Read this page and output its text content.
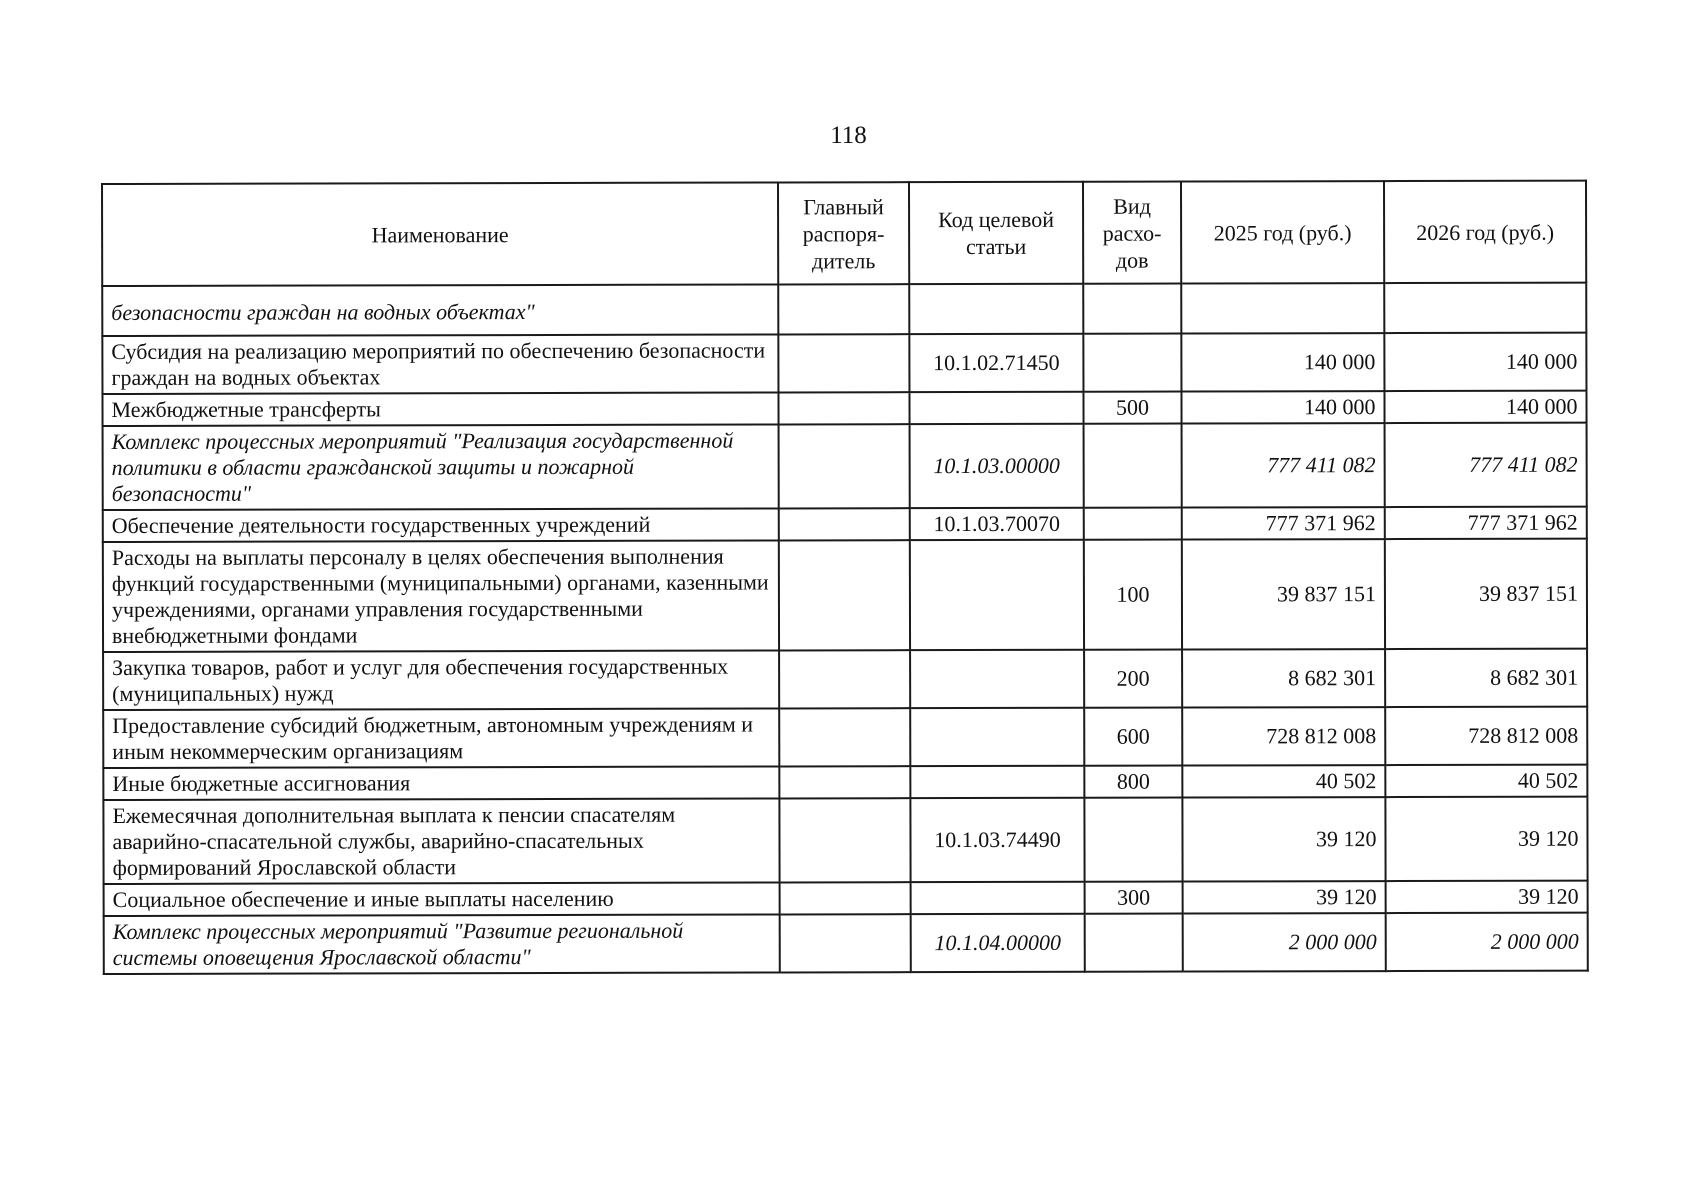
118
Наименование	Главный распоря-дитель	Код целевой статьи	Вид расхо-дов	2025 год (руб.)	2026 год (руб.)
безопасности граждан на водных объектах"					
Субсидия на реализацию мероприятий по обеспечению безопасности граждан на водных объектах		10.1.02.71450		140 000	140 000
Межбюджетные трансферты			500	140 000	140 000
Комплекс процессных мероприятий "Реализация государственной политики в области гражданской защиты и пожарной безопасности"		10.1.03.00000		777 411 082	777 411 082
Обеспечение деятельности государственных учреждений		10.1.03.70070		777 371 962	777 371 962
Расходы на выплаты персоналу в целях обеспечения выполнения функций государственными (муниципальными) органами, казенными учреждениями, органами управления государственными внебюджетными фондами			100	39 837 151	39 837 151
Закупка товаров, работ и услуг для обеспечения государственных (муниципальных) нужд			200	8 682 301	8 682 301
Предоставление субсидий бюджетным, автономным учреждениям и иным некоммерческим организациям			600	728 812 008	728 812 008
Иные бюджетные ассигнования			800	40 502	40 502
Ежемесячная дополнительная выплата к пенсии спасателям аварийно-спасательной службы, аварийно-спасательных формирований Ярославской области		10.1.03.74490		39 120	39 120
Социальное обеспечение и иные выплаты населению			300	39 120	39 120
Комплекс процессных мероприятий "Развитие региональной системы оповещения Ярославской области"		10.1.04.00000		2 000 000	2 000 000
